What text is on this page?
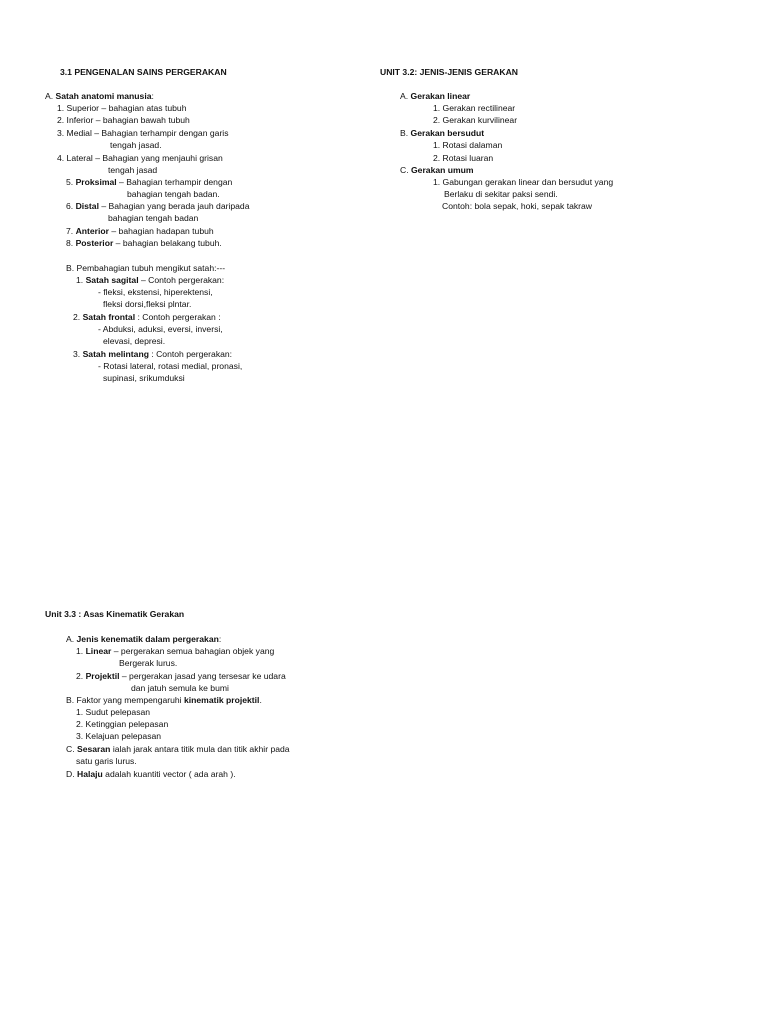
3.1 PENGENALAN SAINS PERGERAKAN
A. Satah anatomi manusia:
1. Superior – bahagian atas tubuh
2. Inferior – bahagian bawah tubuh
3. Medial – Bahagian terhampir dengan garis
tengah jasad.
4. Lateral – Bahagian yang menjauhi grisan
tengah jasad
5. Proksimal – Bahagian terhampir dengan
bahagian tengah badan.
6. Distal – Bahagian yang berada jauh daripada
bahagian tengah badan
7. Anterior – bahagian hadapan tubuh
8. Posterior – bahagian belakang tubuh.
B. Pembahagian tubuh mengikut satah:---
1. Satah sagital – Contoh pergerakan:
- fleksi, ekstensi, hiperektensi,
fleksi dorsi,fleksi plntar.
2. Satah frontal : Contoh pergerakan :
- Abduksi, aduksi, eversi, inversi,
elevasi, depresi.
3. Satah melintang : Contoh pergerakan:
- Rotasi lateral, rotasi medial, pronasi,
supinasi, srikumduksi
UNIT 3.2: JENIS-JENIS GERAKAN
A. Gerakan linear
1. Gerakan rectilinear
2. Gerakan kurvilinear
B. Gerakan bersudut
1. Rotasi dalaman
2. Rotasi luaran
C. Gerakan umum
1. Gabungan gerakan linear dan bersudut yang
Berlaku di sekitar paksi sendi.
Contoh: bola sepak, hoki, sepak takraw
Unit 3.3 : Asas Kinematik Gerakan
A. Jenis kenematik dalam pergerakan:
1. Linear – pergerakan semua bahagian objek yang
Bergerak lurus.
2. Projektil – pergerakan jasad yang tersesar ke udara
dan jatuh semula ke bumi
B. Faktor yang mempengaruhi kinematik projektil.
1. Sudut pelepasan
2. Ketinggian pelepasan
3. Kelajuan pelepasan
C. Sesaran ialah jarak antara titik mula dan titik akhir pada
satu garis lurus.
D. Halaju adalah kuantiti vector ( ada arah ).
